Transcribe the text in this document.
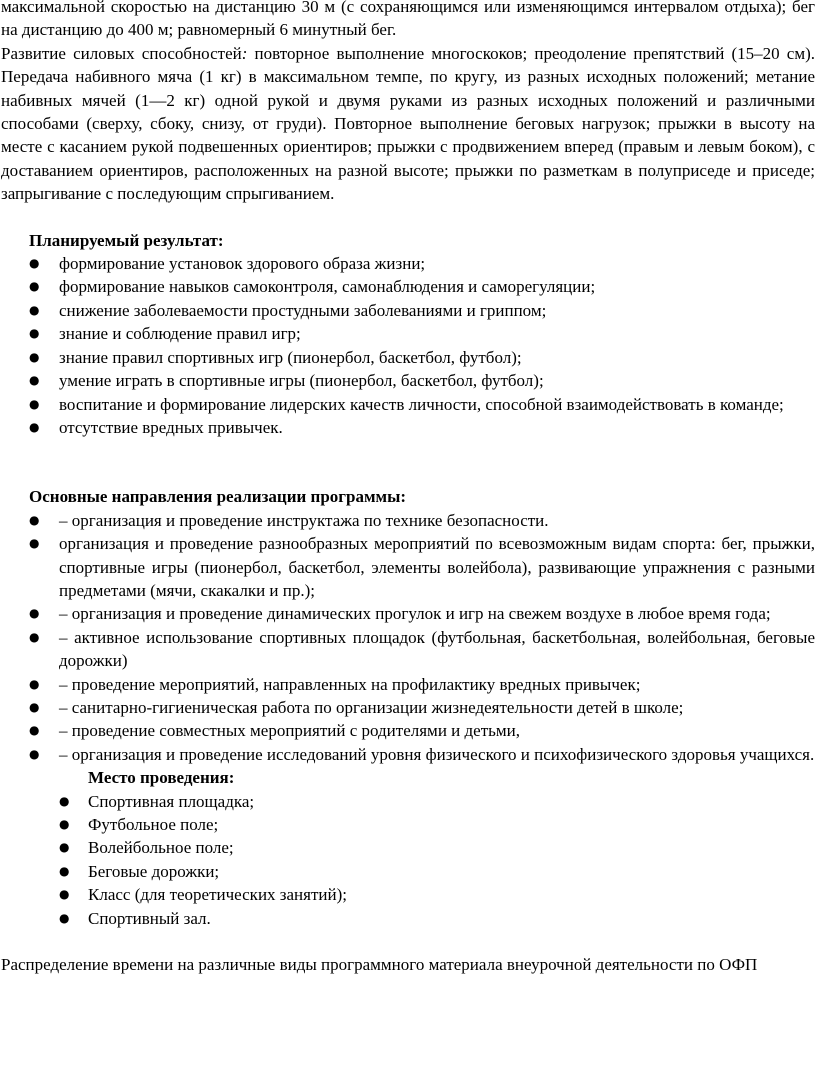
максимальной скоростью на дистанцию 30 м (с сохраняющимся или изменяющимся интервалом отдыха); бег на дистанцию до 400 м; равномерный 6 минутный бег.

Развитие силовых способностей: повторное выполнение многоскоков; преодоление препятствий (15–20 см). Передача набивного мяча (1 кг) в максимальном темпе, по кругу, из разных исходных положений; метание набивных мячей (1—2 кг) одной рукой и двумя руками из разных исходных положений и различными способами (сверху, сбоку, снизу, от груди). Повторное выполнение беговых нагрузок; прыжки в высоту на месте с касанием рукой подвешенных ориентиров; прыжки с продвижением вперед (правым и левым боком), с доставанием ориентиров, расположенных на разной высоте; прыжки по разметкам в полуприседе и приседе; запрыгивание с последующим спрыгиванием.

Планируемый результат:

● формирование установок здорового образа жизни;
● формирование навыков самоконтроля, самонаблюдения и саморегуляции;
● снижение заболеваемости простудными заболеваниями и гриппом;
● знание и соблюдение правил игр;
● знание правил спортивных игр (пионербол, баскетбол, футбол);
● умение играть в спортивные игры (пионербол, баскетбол, футбол);
● воспитание и формирование лидерских качеств личности, способной взаимодействовать в команде;
● отсутствие вредных привычек.

Основные направления реализации программы:

● – организация и проведение инструктажа по технике безопасности.
● организация и проведение разнообразных мероприятий по всевозможным видам спорта: бег, прыжки, спортивные игры (пионербол, баскетбол, элементы волейбола), развивающие упражнения с разными предметами (мячи, скакалки и пр.);
● – организация и проведение динамических прогулок и игр на свежем воздухе в любое время года;
● – активное использование спортивных площадок (футбольная, баскетбольная, волейбольная, беговые дорожки)
● – проведение мероприятий, направленных на профилактику вредных привычек;
● – санитарно-гигиеническая работа по организации жизнедеятельности детей в школе;
● – проведение совместных мероприятий с родителями и детьми,
● – организация и проведение исследований уровня физического и психофизического здоровья учащихся.

Место проведения:

● Спортивная площадка;
● Футбольное поле;
● Волейбольное поле;
● Беговые дорожки;
● Класс (для теоретических занятий);
● Спортивный зал.

Распределение времени на различные виды программного материала внеурочной деятельности по ОФП
